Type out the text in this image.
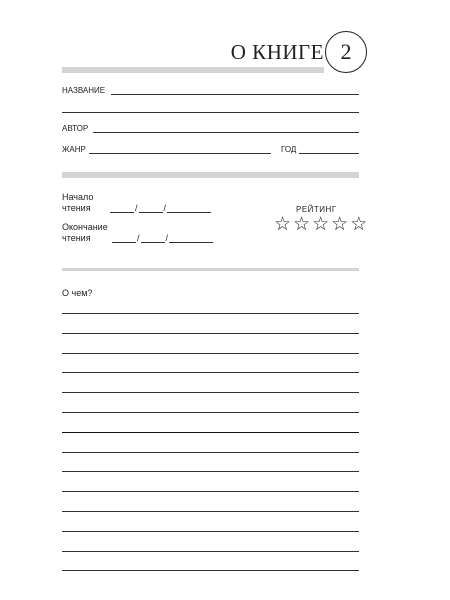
О КНИГЕ 2
НАЗВАНИЕ
АВТОР
ЖАНР	ГОД
Начало
чтения	/	/
Окончание
чтения	/	/
РЕЙТИНГ
☆ ☆ ☆ ☆ ☆
О чем?
